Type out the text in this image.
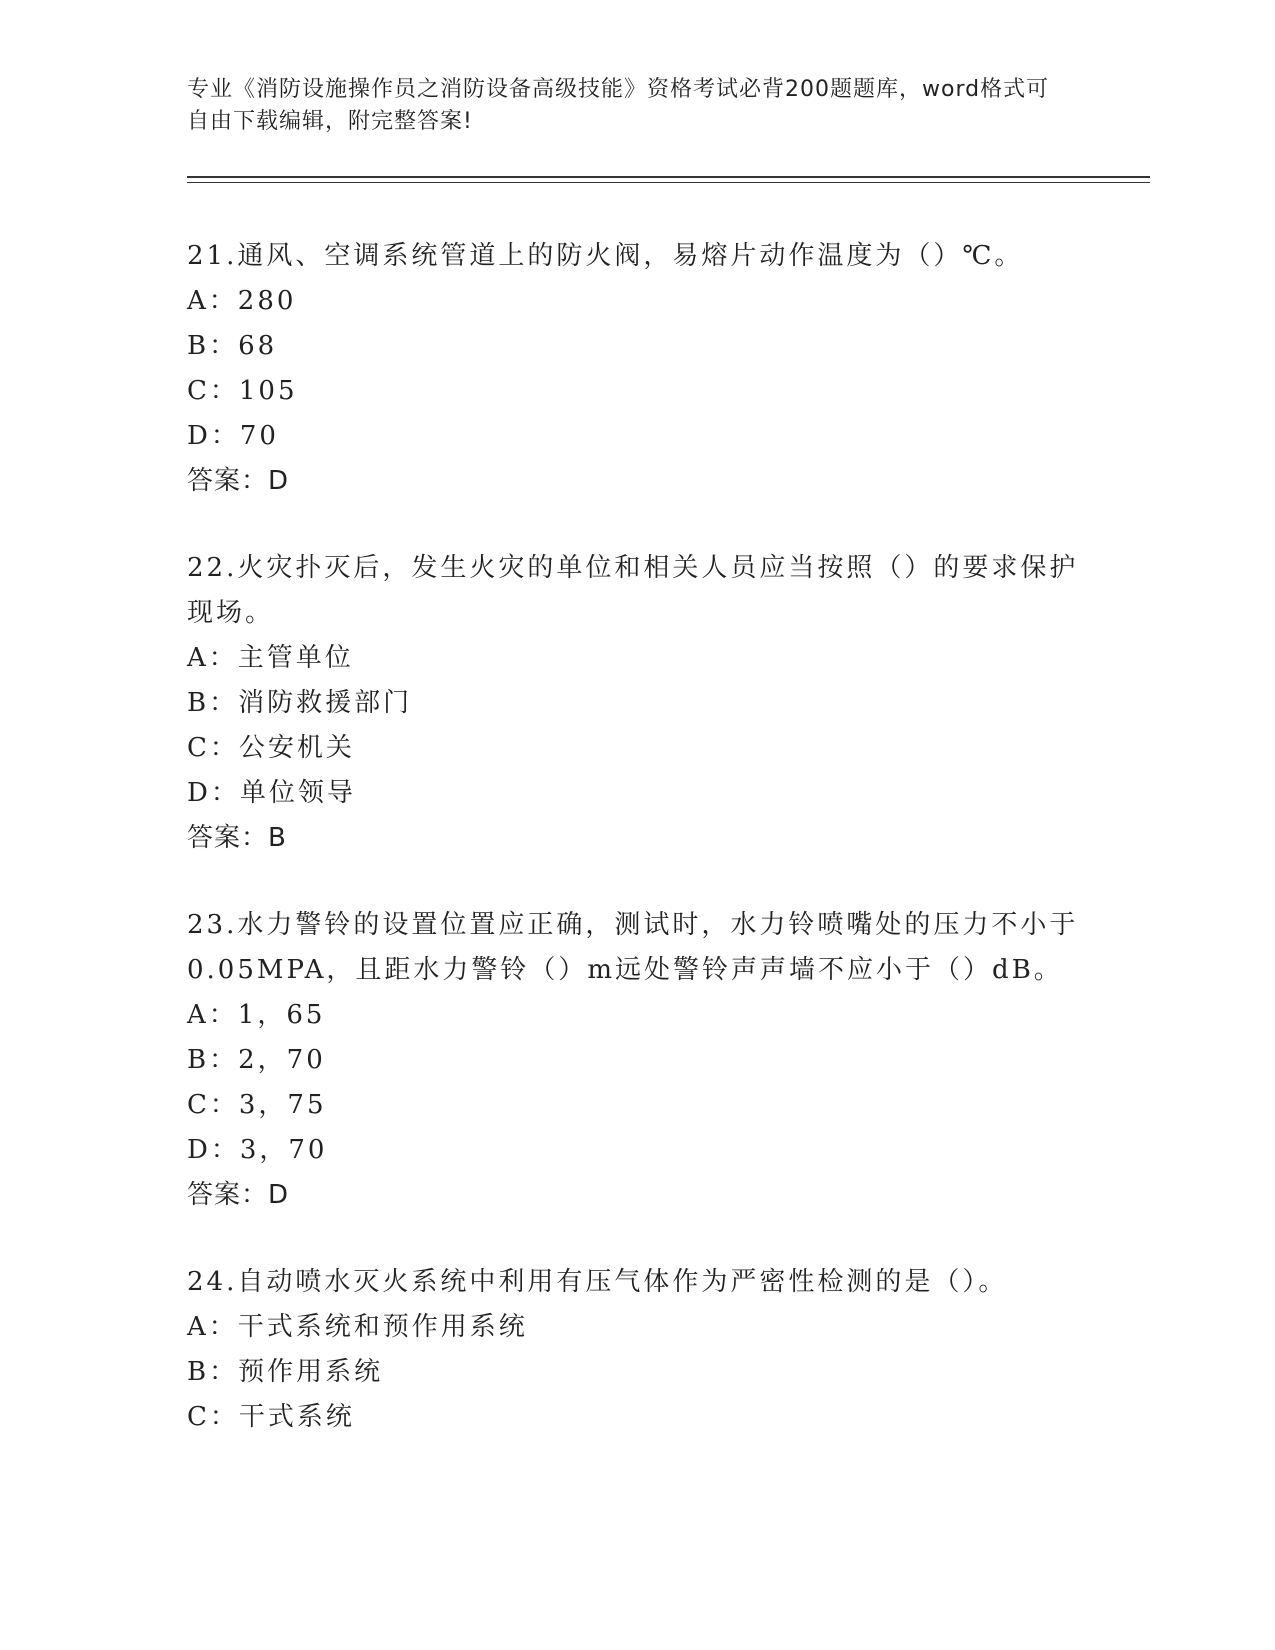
专业《消防设施操作员之消防设备高级技能》资格考试必背200题题库，word格式可自由下载编辑，附完整答案!

21.通风、空调系统管道上的防火阀，易熔片动作温度为（）℃。

A：280

B：68

C：105

D：70

答案：D

22.火灾扑灭后，发生火灾的单位和相关人员应当按照（）的要求保护现场。

A：主管单位

B：消防救援部门

C：公安机关

D：单位领导

答案：B

23.水力警铃的设置位置应正确，测试时，水力铃喷嘴处的压力不小于0.05MPA，且距水力警铃（）m远处警铃声声墙不应小于（）dB。

A：1，65

B：2，70

C：3，75

D：3，70

答案：D

24.自动喷水灭火系统中利用有压气体作为严密性检测的是（）。

A：干式系统和预作用系统

B：预作用系统

C：干式系统
